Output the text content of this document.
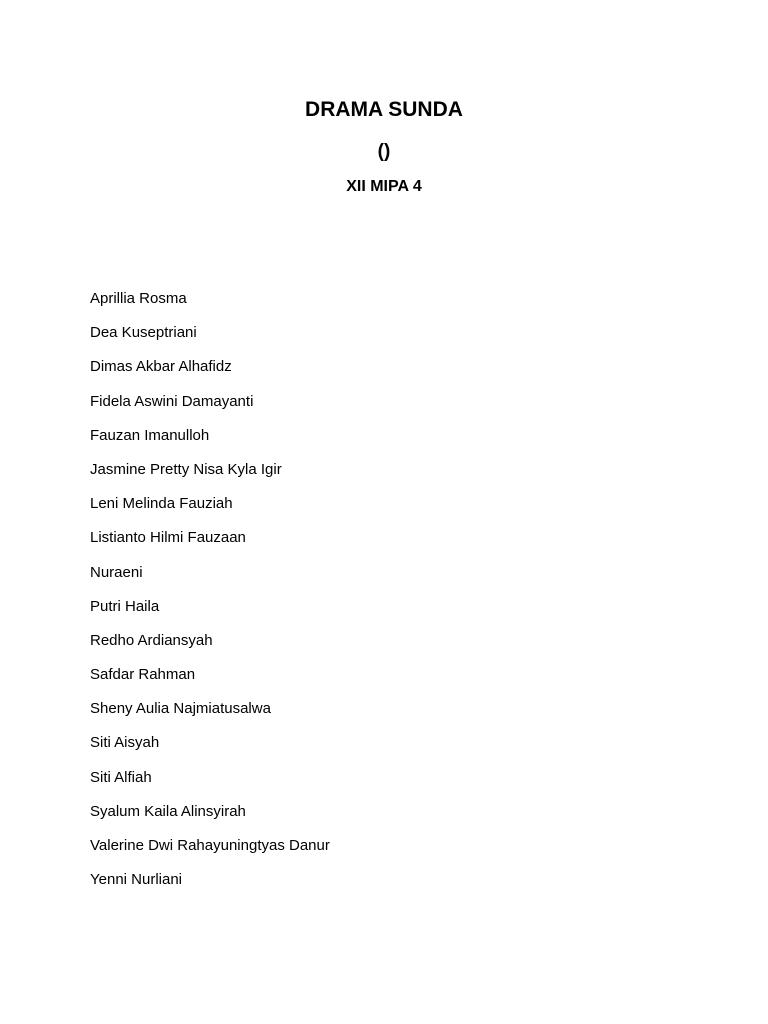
DRAMA SUNDA
()
XII MIPA 4
Aprillia Rosma
Dea Kuseptriani
Dimas Akbar Alhafidz
Fidela Aswini Damayanti
Fauzan Imanulloh
Jasmine Pretty Nisa Kyla Igir
Leni Melinda Fauziah
Listianto Hilmi Fauzaan
Nuraeni
Putri Haila
Redho Ardiansyah
Safdar Rahman
Sheny Aulia Najmiatusalwa
Siti Aisyah
Siti Alfiah
Syalum Kaila Alinsyirah
Valerine Dwi Rahayuningtyas Danur
Yenni Nurliani
